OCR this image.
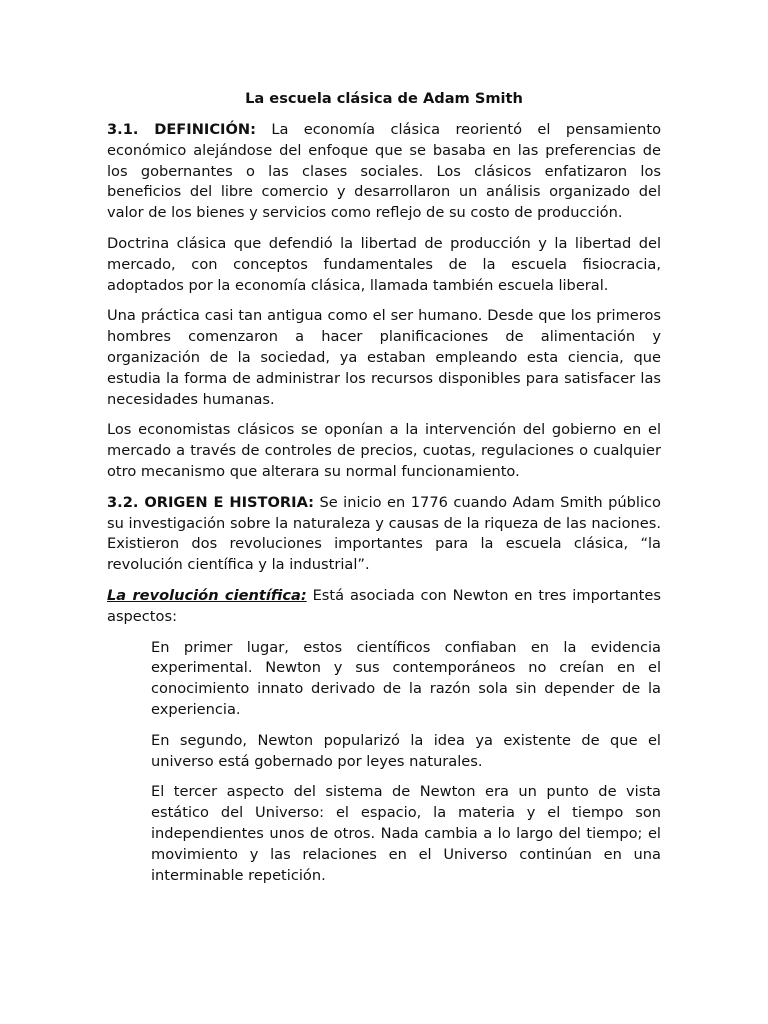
La escuela clásica de Adam Smith

3.1. DEFINICIÓN: La economía clásica reorientó el pensamiento económico alejándose del enfoque que se basaba en las preferencias de los gobernantes o las clases sociales. Los clásicos enfatizaron los beneficios del libre comercio y desarrollaron un análisis organizado del valor de los bienes y servicios como reflejo de su costo de producción.

Doctrina clásica que defendió la libertad de producción y la libertad del mercado, con conceptos fundamentales de la escuela fisiocracia, adoptados por la economía clásica, llamada también escuela liberal.

Una práctica casi tan antigua como el ser humano. Desde que los primeros hombres comenzaron a hacer planificaciones de alimentación y organización de la sociedad, ya estaban empleando esta ciencia, que estudia la forma de administrar los recursos disponibles para satisfacer las necesidades humanas.

Los economistas clásicos se oponían a la intervención del gobierno en el mercado a través de controles de precios, cuotas, regulaciones o cualquier otro mecanismo que alterara su normal funcionamiento.

3.2. ORIGEN E HISTORIA: Se inicio en 1776 cuando Adam Smith público su investigación sobre la naturaleza y causas de la riqueza de las naciones. Existieron dos revoluciones importantes para la escuela clásica, “la revolución científica y la industrial”.

La revolución científica: Está asociada con Newton en tres importantes aspectos:

En primer lugar, estos científicos confiaban en la evidencia experimental. Newton y sus contemporáneos no creían en el conocimiento innato derivado de la razón sola sin depender de la experiencia.

En segundo, Newton popularizó la idea ya existente de que el universo está gobernado por leyes naturales.

El tercer aspecto del sistema de Newton era un punto de vista estático del Universo: el espacio, la materia y el tiempo son independientes unos de otros. Nada cambia a lo largo del tiempo; el movimiento y las relaciones en el Universo continúan en una interminable repetición.
